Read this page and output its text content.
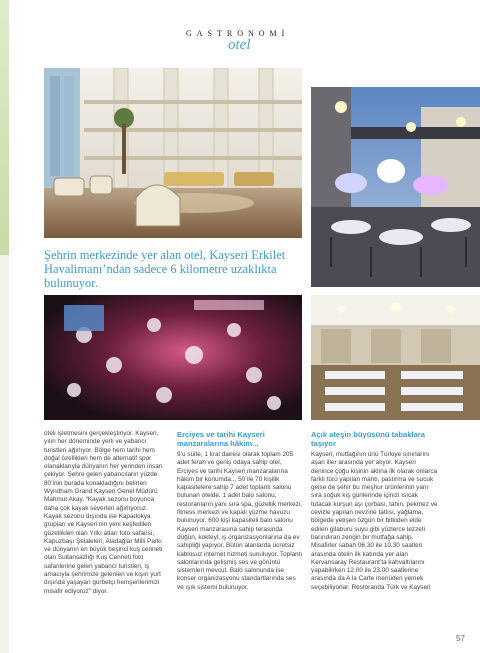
GASTRONOMİ
otel
Şehrin merkezinde yer alan otel, Kayseri Erkilet Havalimanı’ndan sadece 6 kilometre uzaklıkta bulunuyor.

oteli işletmesini gerçekleştiriyor. Kayseri, yılın her döneminde yerli ve yabancı turistleri ağırlıyor. Bölge hem tarihi hem doğal özellikleri hem de alternatif spor olanaklarıyla dünyanın her yerinden insan çekiyor. Şehre gelen yabancıların yüzde 80’inin burada konakladığını belirten Wyndham Grand Kayseri Genel Müdürü Mahmut Akay, “Kayak sezonu boyunca daha çok kayak severleri ağırlıyoruz. Kayak sezonu dışında ise Kapadokya grupları ve Kayseri’nin yeni keşfedilen güzellikleri olan Yılkı atları foto safarisi, Kapuzbaşı Şelaleleri, Aladağlar Milli Parkı ve dünyanın en büyük beşinci kuş cenneti olan Sultansazlığı Kuş Cenneti foto safarilerine gelen yabancı turistleri, iş amacıyla şehrimize gelenleri ve kışın yurt dışında yaşayan gurbetçi hemşerilerimizi misafir ediyoruz” diyor.

Erciyes ve tarihi Kayseri manzaralarına hâkim...

9’u süite, 1 kral dairesi olarak toplam 205 adet ferah ve geniş odaya sahip otel, Erciyes ve tarihi Kayseri manzaralarına hâkim bir konumda... 50 ile 70 kişilik kapasitelere sahip 7 adet toplantı salonu bulunan otelde, 1 adet balo salonu, restoranların yanı sıra spa, güzellik merkezi, fitness merkezi ve kapalı yüzme havuzu bulunuyor. 600 kişi kapasiteli balo salonu Kayseri manzarasına sahip terasında düğün, kokteyl, iş organizasyonlarına da ev sahipliği yapıyor. Bütün alanlarda ücretsiz kablosuz internet hizmeti sunuluyor. Toplantı salonlarında gelişmiş ses ve görüntü sistemleri mevcut. Balo salonunda ise konser organizasyonu standartlarında ses ve ışık sistemi bulunuyor.

Açık ateşin büyüsünü tabaklara taşıyor

Kayseri, mutfağının ünü Türkiye sınırlarını aşan iller arasında yer alıyor. Kayseri denince çoğu kişinin aklına ilk olarak onlarca farklı türü yapılan mantı, pastırma ve sucuk gelse de şehir bu meşhur ürünlerinin yanı sıra soğuk kış günlerinde içinizi ısıcak tutacak kurşun aşı çorbası, tahin, pekmez ve cevizle yapılan nevzine tatlısı, yağlama, bölgede yetişen özgün bir bitkiden elde edilen gilaburu suyu gibi yüzlerce lezzeti barındıran zengin bir mutfağa sahip. Misafirler sabah 06.30 ile 10.30 saatleri arasında otelin ilk katında yer alan Kervansaray Restaurant’ta kahvaltılarını yapabilirken 12.00 ile 23.00 saatlerine arasında da A la Carte menüden yemek seçebiliyorlar. Restoranda Türk ve Kayseri

57
